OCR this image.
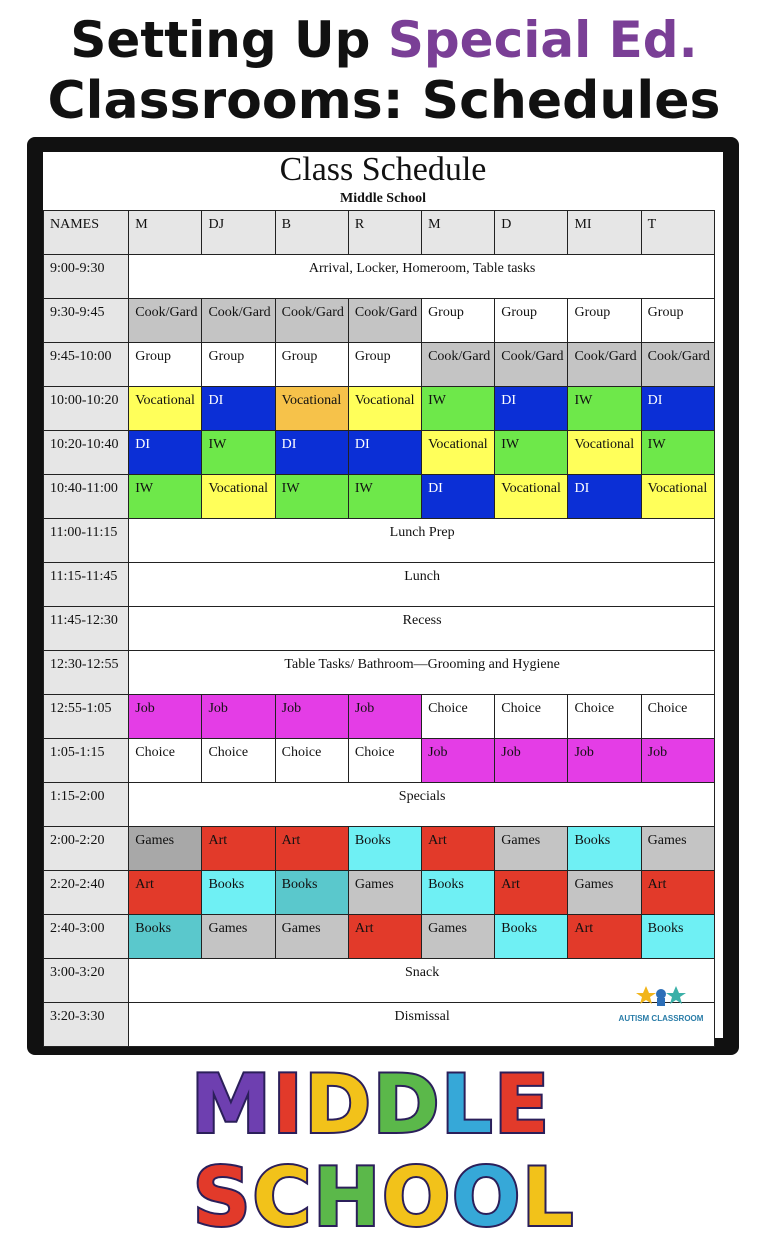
Setting Up Special Ed.
Classrooms: Schedules
Class Schedule
Middle School
NAMES	M	DJ	B	R	M	D	MI	T
9:00-9:30	Arrival, Locker, Homeroom, Table tasks							
9:30-9:45	Cook/Gard	Cook/Gard	Cook/Gard	Cook/Gard	Group	Group	Group	Group
9:45-10:00	Group	Group	Group	Group	Cook/Gard	Cook/Gard	Cook/Gard	Cook/Gard
10:00-10:20	Vocational	DI	Vocational	Vocational	IW	DI	IW	DI
10:20-10:40	DI	IW	DI	DI	Vocational	IW	Vocational	IW
10:40-11:00	IW	Vocational	IW	IW	DI	Vocational	DI	Vocational
11:00-11:15	Lunch Prep							
11:15-11:45	Lunch							
11:45-12:30	Recess							
12:30-12:55	Table Tasks/ Bathroom—Grooming and Hygiene							
12:55-1:05	Job	Job	Job	Job	Choice	Choice	Choice	Choice
1:05-1:15	Choice	Choice	Choice	Choice	Job	Job	Job	Job
1:15-2:00	Specials							
2:00-2:20	Games	Art	Art	Books	Art	Games	Books	Games
2:20-2:40	Art	Books	Books	Games	Books	Art	Games	Art
2:40-3:00	Books	Games	Games	Art	Games	Books	Art	Books
3:00-3:20	Snack							
3:20-3:30	Dismissal								AUTISM CLASSROOM
MIDDLESCHOOL
